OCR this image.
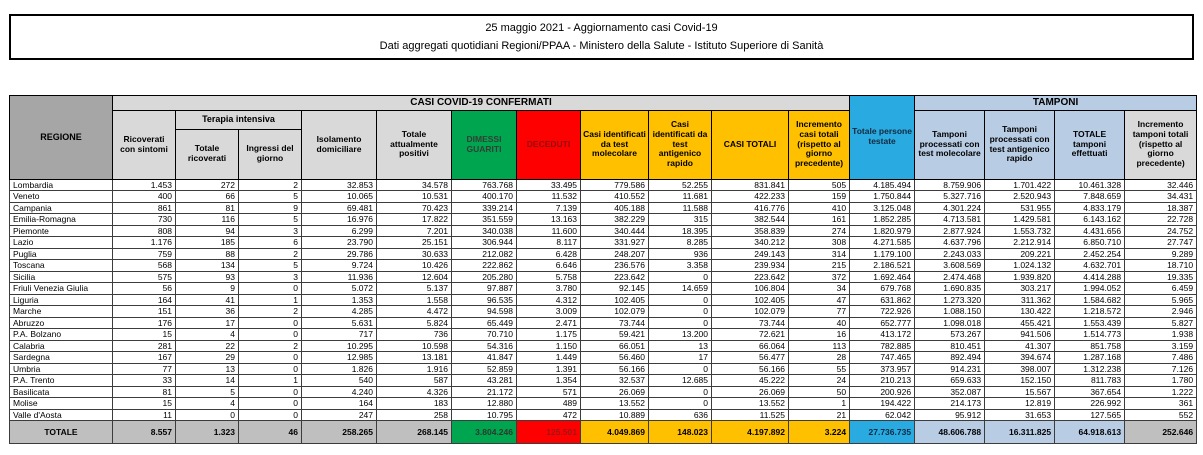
25 maggio 2021 - Aggiornamento casi Covid-19
Dati aggregati quotidiani Regioni/PPAA - Ministero della Salute - Istituto Superiore di Sanità
REGIONE	CASI COVID-19 CONFERMATI											Totale persone testate	TAMPONI			
	Ricoverati con sintomi	Terapia intensiva		Isolamento domiciliare	Totale attualmente positivi	DIMESSI GUARITI	DECEDUTI	Casi identificati da test molecolare	Casi identificati da test antigenico rapido	CASI TOTALI	Incremento casi totali (rispetto al giorno precedente)		Tamponi processati con test molecolare	Tamponi processati con test antigenico rapido	TOTALE tamponi effettuati	Incremento tamponi totali (rispetto al giorno precedente)
		Totale ricoverati	Ingressi del giorno													
Lombardia	1.453	272	2	32.853	34.578	763.768	33.495	779.586	52.255	831.841	505	4.185.494	8.759.906	1.701.422	10.461.328	32.446
Veneto	400	66	5	10.065	10.531	400.170	11.532	410.552	11.681	422.233	159	1.750.844	5.327.716	2.520.943	7.848.659	34.431
Campania	861	81	9	69.481	70.423	339.214	7.139	405.188	11.588	416.776	410	3.125.048	4.301.224	531.955	4.833.179	18.387
Emilia-Romagna	730	116	5	16.976	17.822	351.559	13.163	382.229	315	382.544	161	1.852.285	4.713.581	1.429.581	6.143.162	22.728
Piemonte	808	94	3	6.299	7.201	340.038	11.600	340.444	18.395	358.839	274	1.820.979	2.877.924	1.553.732	4.431.656	24.752
Lazio	1.176	185	6	23.790	25.151	306.944	8.117	331.927	8.285	340.212	308	4.271.585	4.637.796	2.212.914	6.850.710	27.747
Puglia	759	88	2	29.786	30.633	212.082	6.428	248.207	936	249.143	314	1.179.100	2.243.033	209.221	2.452.254	9.289
Toscana	568	134	5	9.724	10.426	222.862	6.646	236.576	3.358	239.934	215	2.186.521	3.608.569	1.024.132	4.632.701	18.710
Sicilia	575	93	3	11.936	12.604	205.280	5.758	223.642	0	223.642	372	1.692.464	2.474.468	1.939.820	4.414.288	19.335
Friuli Venezia Giulia	56	9	0	5.072	5.137	97.887	3.780	92.145	14.659	106.804	34	679.768	1.690.835	303.217	1.994.052	6.459
Liguria	164	41	1	1.353	1.558	96.535	4.312	102.405	0	102.405	47	631.862	1.273.320	311.362	1.584.682	5.965
Marche	151	36	2	4.285	4.472	94.598	3.009	102.079	0	102.079	77	722.926	1.088.150	130.422	1.218.572	2.946
Abruzzo	176	17	0	5.631	5.824	65.449	2.471	73.744	0	73.744	40	652.777	1.098.018	455.421	1.553.439	5.827
P.A. Bolzano	15	4	0	717	736	70.710	1.175	59.421	13.200	72.621	16	413.172	573.267	941.506	1.514.773	1.938
Calabria	281	22	2	10.295	10.598	54.316	1.150	66.051	13	66.064	113	782.885	810.451	41.307	851.758	3.159
Sardegna	167	29	0	12.985	13.181	41.847	1.449	56.460	17	56.477	28	747.465	892.494	394.674	1.287.168	7.486
Umbria	77	13	0	1.826	1.916	52.859	1.391	56.166	0	56.166	55	373.957	914.231	398.007	1.312.238	7.126
P.A. Trento	33	14	1	540	587	43.281	1.354	32.537	12.685	45.222	24	210.213	659.633	152.150	811.783	1.780
Basilicata	81	5	0	4.240	4.326	21.172	571	26.069	0	26.069	50	200.926	352.087	15.567	367.654	1.222
Molise	15	4	0	164	183	12.880	489	13.552	0	13.552	1	194.422	214.173	12.819	226.992	361
Valle d'Aosta	11	0	0	247	258	10.795	472	10.889	636	11.525	21	62.042	95.912	31.653	127.565	552
TOTALE	8.557	1.323	46	258.265	268.145	3.804.246	125.501	4.049.869	148.023	4.197.892	3.224	27.736.735	48.606.788	16.311.825	64.918.613	252.646
